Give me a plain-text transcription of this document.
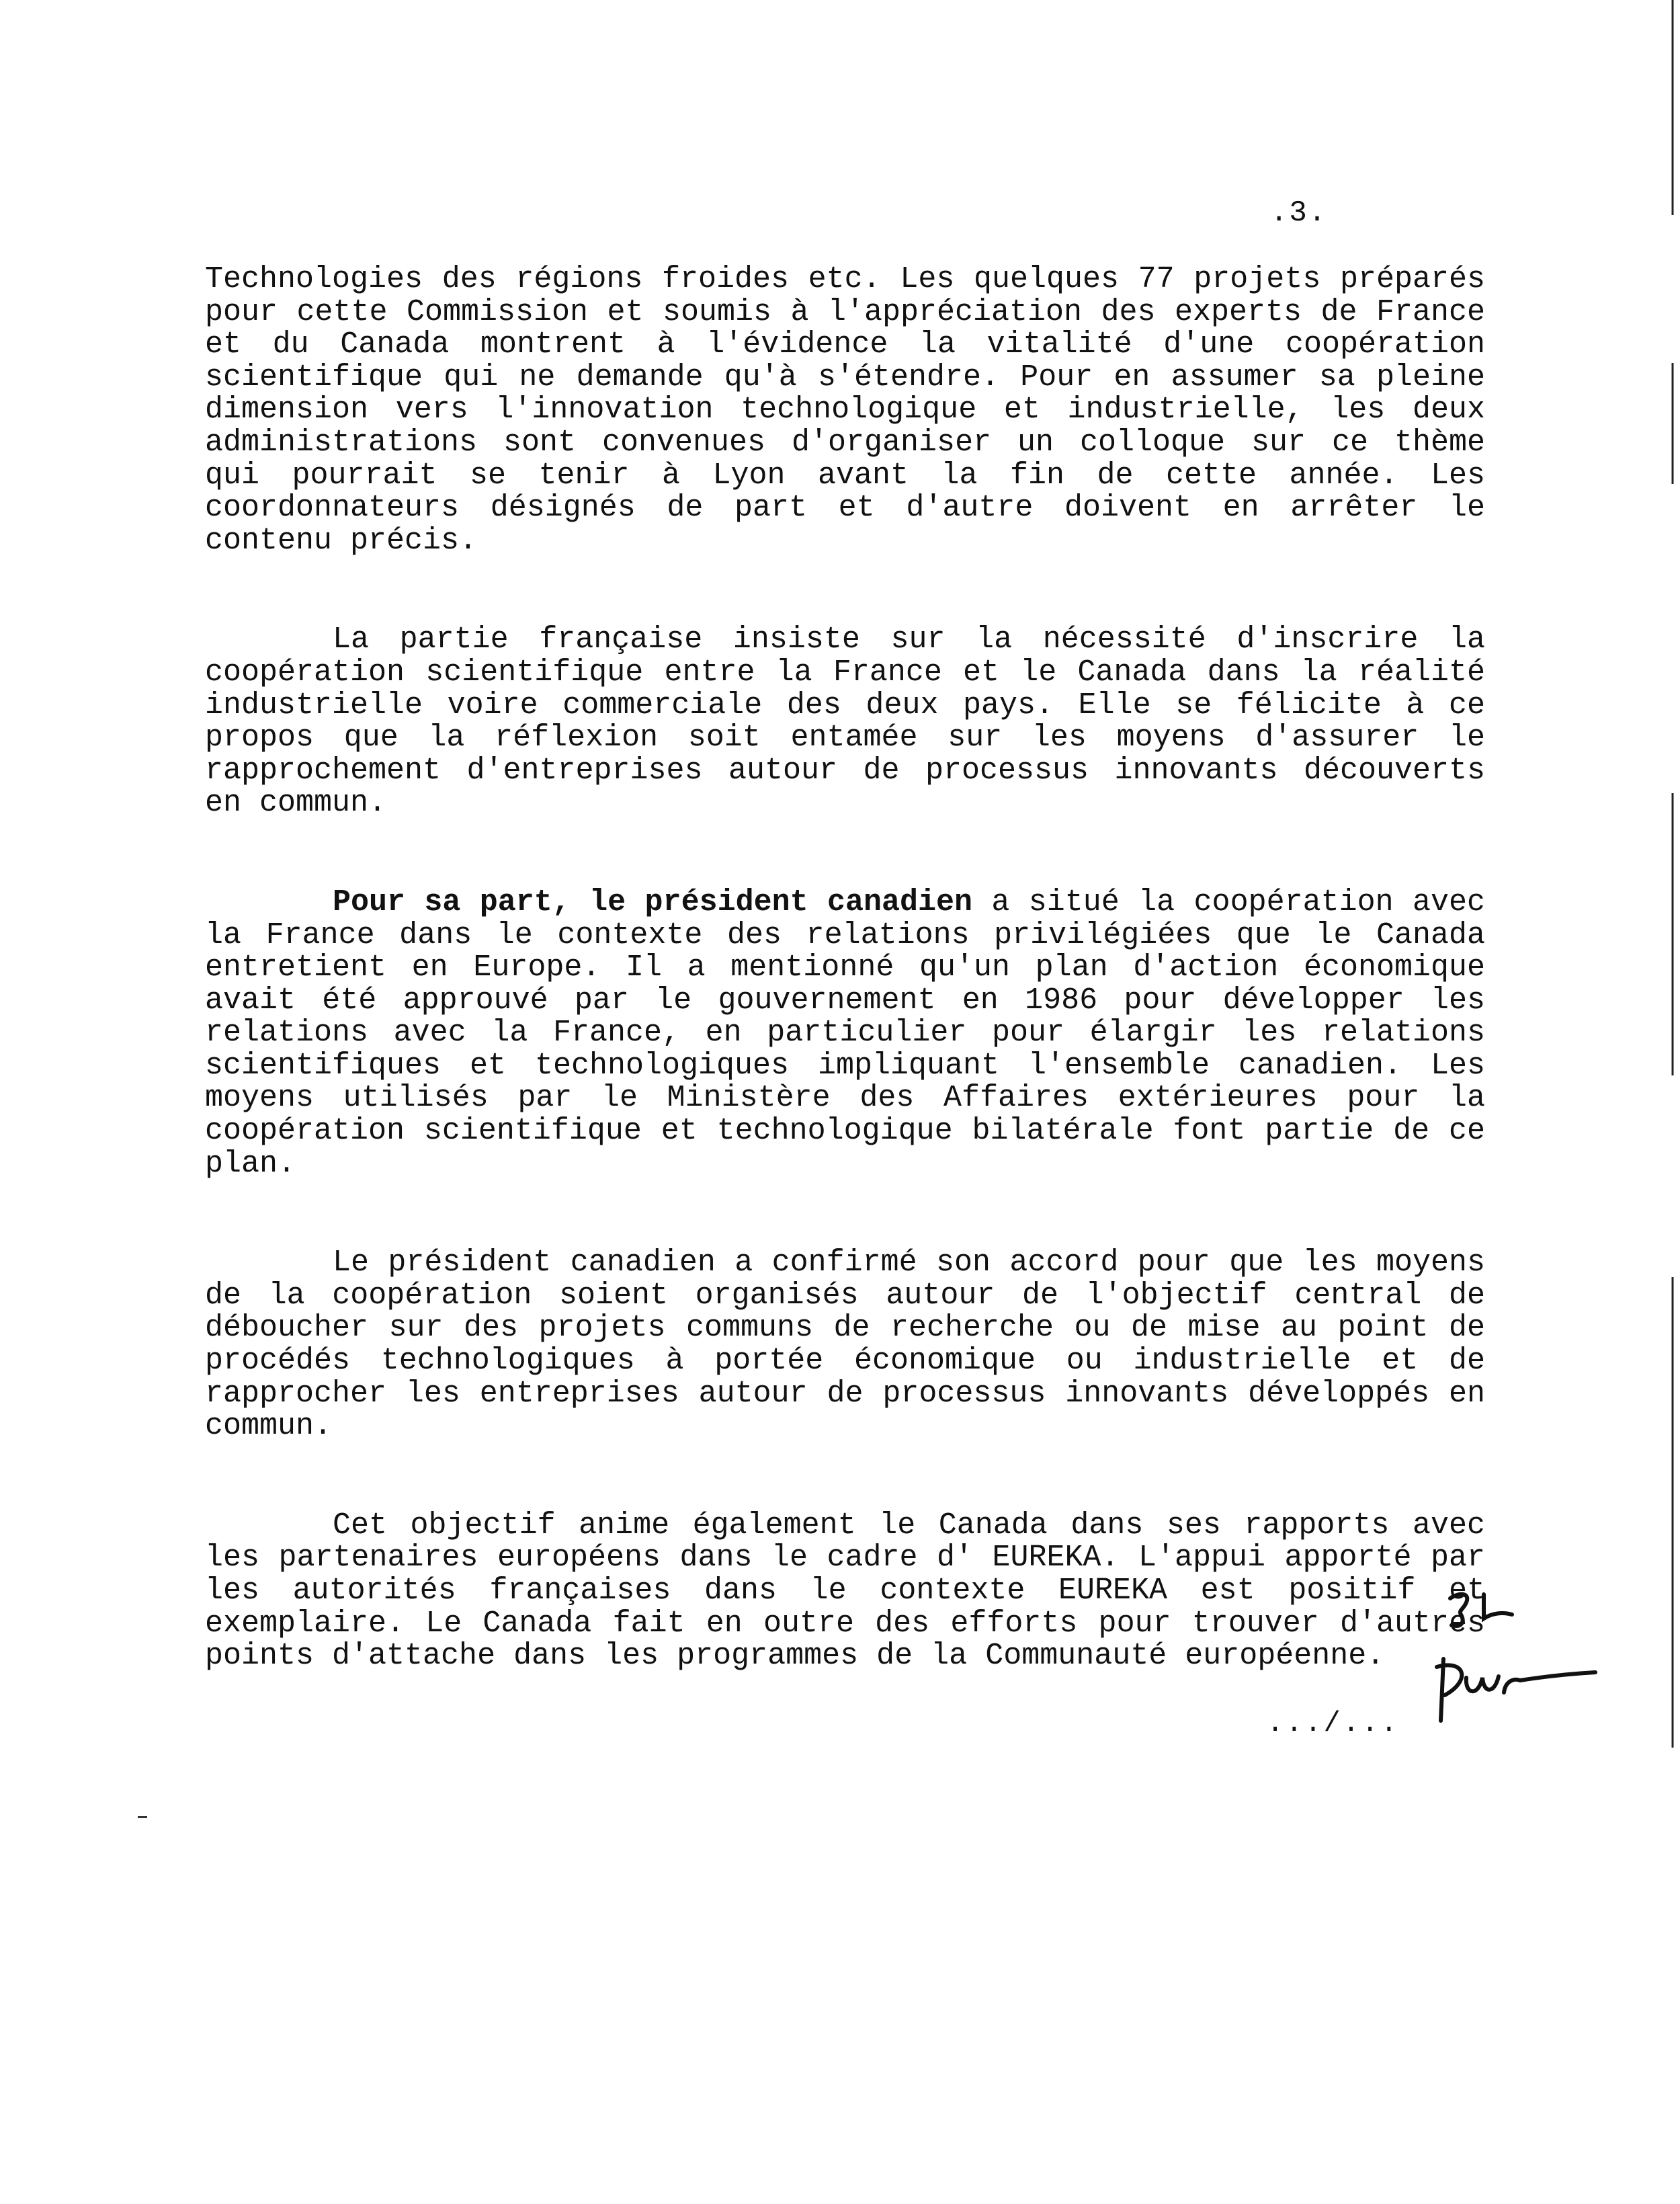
.3.

Technologies des régions froides etc. Les quelques 77 projets préparés pour cette Commission et soumis à l'appréciation des experts de France et du Canada montrent à l'évidence la vitalité d'une coopération scientifique qui ne demande qu'à s'étendre. Pour en assumer sa pleine dimension vers l'innovation technologique et industrielle, les deux administrations sont convenues d'organiser un colloque sur ce thème qui pourrait se tenir à Lyon avant la fin de cette année. Les coordonnateurs désignés de part et d'autre doivent en arrêter le contenu précis.

La partie française insiste sur la nécessité d'inscrire la coopération scientifique entre la France et le Canada dans la réalité industrielle voire commerciale des deux pays. Elle se félicite à ce propos que la réflexion soit entamée sur les moyens d'assurer le rapprochement d'entreprises autour de processus innovants découverts en commun.

Pour sa part, le président canadien a situé la coopération avec la France dans le contexte des relations privilégiées que le Canada entretient en Europe. Il a mentionné qu'un plan d'action économique avait été approuvé par le gouvernement en 1986 pour développer les relations avec la France, en particulier pour élargir les relations scientifiques et technologiques impliquant l'ensemble canadien. Les moyens utilisés par le Ministère des Affaires extérieures pour la coopération scientifique et technologique bilatérale font partie de ce plan.

Le président canadien a confirmé son accord pour que les moyens de la coopération soient organisés autour de l'objectif central de déboucher sur des projets communs de recherche ou de mise au point de procédés technologiques à portée économique ou industrielle et de rapprocher les entreprises autour de processus innovants développés en commun.

Cet objectif anime également le Canada dans ses rapports avec les partenaires européens dans le cadre d' EUREKA. L'appui apporté par les autorités françaises dans le contexte EUREKA est positif et exemplaire. Le Canada fait en outre des efforts pour trouver d'autres points d'attache dans les programmes de la Communauté européenne.

.../...
